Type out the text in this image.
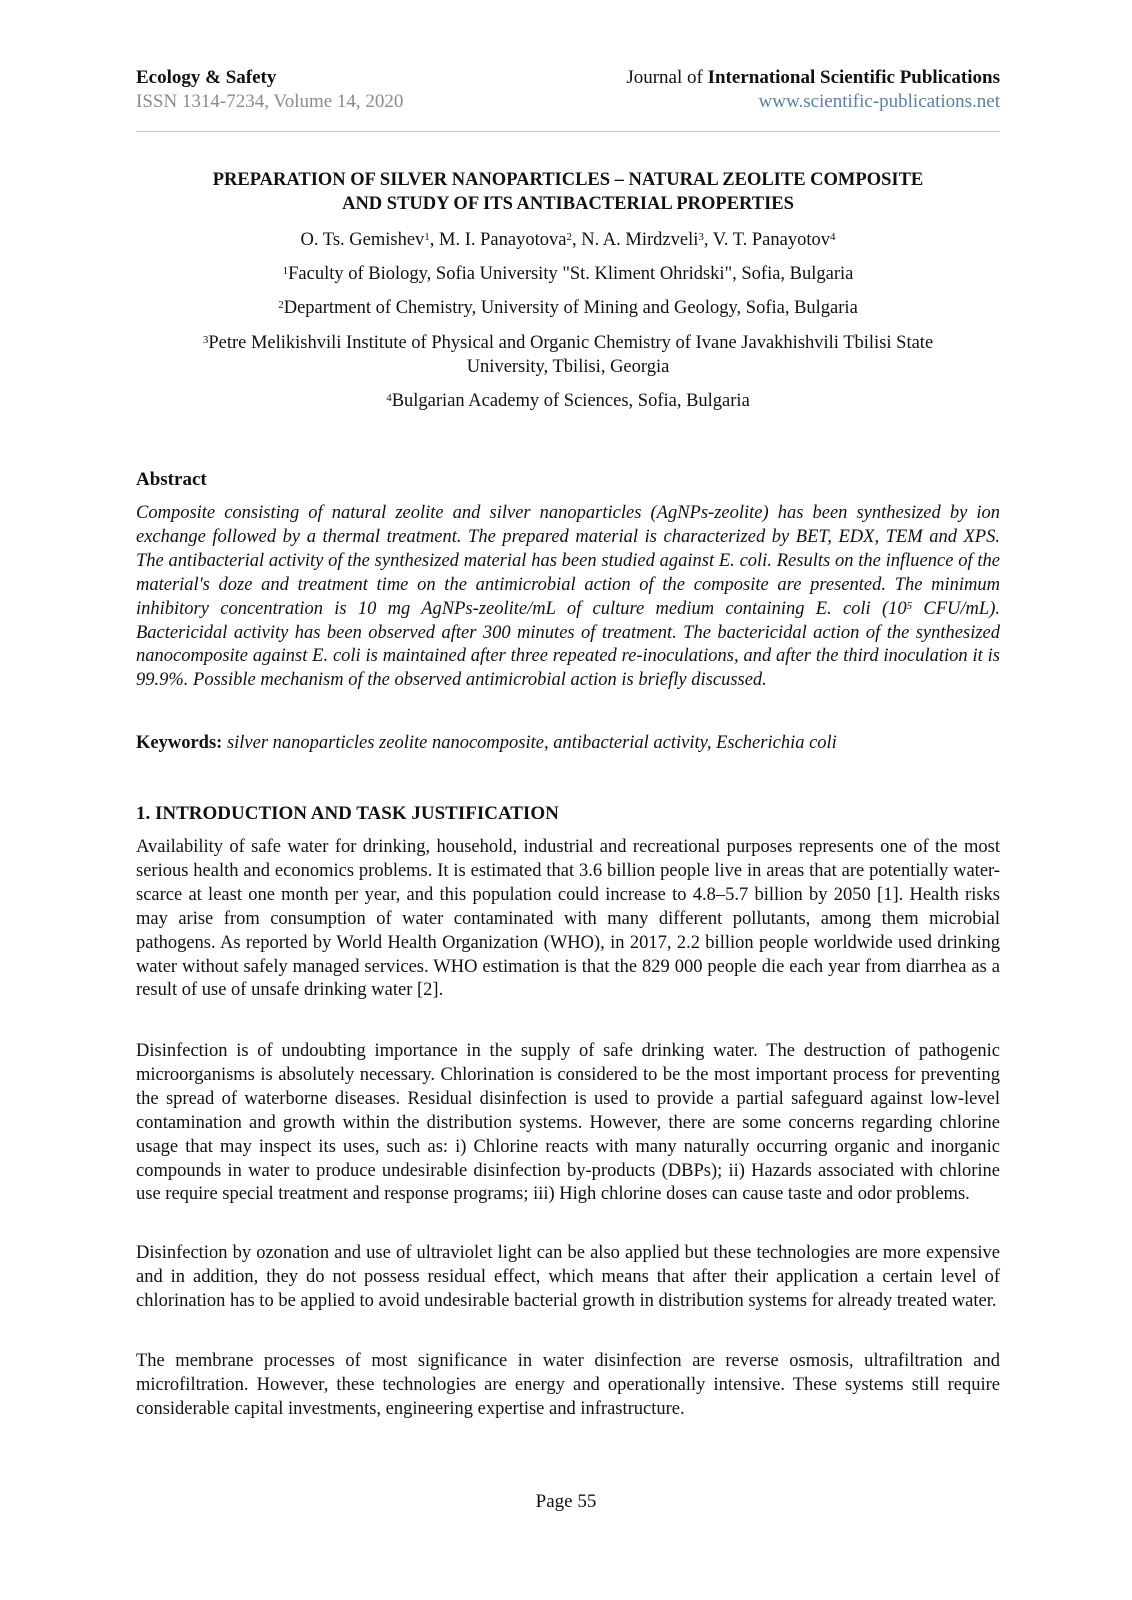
Ecology & Safety
ISSN 1314-7234, Volume 14, 2020
Journal of International Scientific Publications
www.scientific-publications.net
PREPARATION OF SILVER NANOPARTICLES – NATURAL ZEOLITE COMPOSITE
AND STUDY OF ITS ANTIBACTERIAL PROPERTIES
O. Ts. Gemishev$^1$, M. I. Panayotova$^2$, N. A. Mirdzveli$^3$, V. T. Panayotov$^4$
$^1$Faculty of Biology, Sofia University "St. Kliment Ohridski", Sofia, Bulgaria
$^2$Department of Chemistry, University of Mining and Geology, Sofia, Bulgaria
$^3$Petre Melikishvili Institute of Physical and Organic Chemistry of Ivane Javakhishvili Tbilisi State
University, Tbilisi, Georgia
$^4$Bulgarian Academy of Sciences, Sofia, Bulgaria
Abstract
Composite consisting of natural zeolite and silver nanoparticles (AgNPs-zeolite) has been synthesized by ion exchange followed by a thermal treatment. The prepared material is characterized by BET, EDX, TEM and XPS. The antibacterial activity of the synthesized material has been studied against E. coli. Results on the influence of the material's doze and treatment time on the antimicrobial action of the composite are presented. The minimum inhibitory concentration is 10 mg AgNPs-zeolite/mL of culture medium containing E. coli ($10^5$ CFU/mL). Bactericidal activity has been observed after 300 minutes of treatment. The bactericidal action of the synthesized nanocomposite against E. coli is maintained after three repeated re-inoculations, and after the third inoculation it is 99.9%. Possible mechanism of the observed antimicrobial action is briefly discussed.
Keywords: silver nanoparticles zeolite nanocomposite, antibacterial activity, Escherichia coli
1. INTRODUCTION AND TASK JUSTIFICATION
Availability of safe water for drinking, household, industrial and recreational purposes represents one of the most serious health and economics problems. It is estimated that 3.6 billion people live in areas that are potentially water-scarce at least one month per year, and this population could increase to 4.8–5.7 billion by 2050 [1]. Health risks may arise from consumption of water contaminated with many different pollutants, among them microbial pathogens. As reported by World Health Organization (WHO), in 2017, 2.2 billion people worldwide used drinking water without safely managed services. WHO estimation is that the 829 000 people die each year from diarrhea as a result of use of unsafe drinking water [2].
Disinfection is of undoubting importance in the supply of safe drinking water. The destruction of pathogenic microorganisms is absolutely necessary. Chlorination is considered to be the most important process for preventing the spread of waterborne diseases. Residual disinfection is used to provide a partial safeguard against low-level contamination and growth within the distribution systems. However, there are some concerns regarding chlorine usage that may inspect its uses, such as: i) Chlorine reacts with many naturally occurring organic and inorganic compounds in water to produce undesirable disinfection by-products (DBPs); ii) Hazards associated with chlorine use require special treatment and response programs; iii) High chlorine doses can cause taste and odor problems.
Disinfection by ozonation and use of ultraviolet light can be also applied but these technologies are more expensive and in addition, they do not possess residual effect, which means that after their application a certain level of chlorination has to be applied to avoid undesirable bacterial growth in distribution systems for already treated water.
The membrane processes of most significance in water disinfection are reverse osmosis, ultrafiltration and microfiltration. However, these technologies are energy and operationally intensive. These systems still require considerable capital investments, engineering expertise and infrastructure.
Page 55
